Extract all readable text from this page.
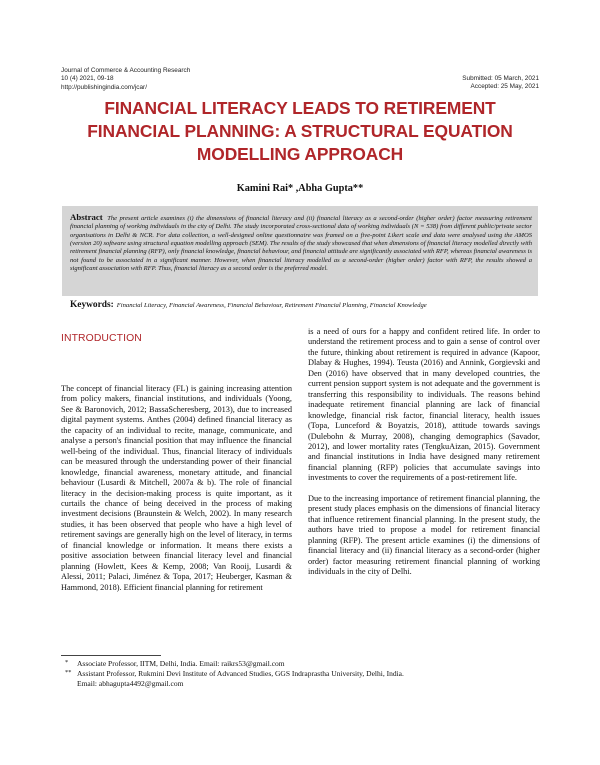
Journal of Commerce & Accounting Research
10 (4) 2021, 09-18
http://publishingindia.com/jcar/
Submitted: 05 March, 2021
Accepted: 25 May, 2021
FINANCIAL LITERACY LEADS TO RETIREMENT
FINANCIAL PLANNING: A STRUCTURAL EQUATION
MODELLING APPROACH
Kamini Rai* ,Abha Gupta**

Abstract The present article examines (i) the dimensions of financial literacy and (ii) financial literacy as a second-order (higher order) factor measuring retirement financial planning of working individuals in the city of Delhi. The study incorporated cross-sectional data of working individuals (N = 538) from different public/private sector organisations in Delhi & NCR. For data collection, a well-designed online questionnaire was framed on a five-point Likert scale and data were analysed using the AMOS (version 20) software using structural equation modelling approach (SEM). The results of the study showcased that when dimensions of financial literacy modelled directly with retirement financial planning (RFP), only financial knowledge, financial behaviour, and financial attitude are significantly associated with RFP, whereas financial awareness is not found to be associated in a significant manner. However, when financial literacy modelled as a second-order (higher order) factor with RFP, the results showed a significant association with RFP. Thus, financial literacy as a second order is the preferred model.

Keywords: Financial Literacy, Financial Awareness, Financial Behaviour, Retirement Financial Planning, Financial Knowledge

INTRODUCTION

The concept of financial literacy (FL) is gaining increasing attention from policy makers, financial institutions, and individuals (Yoong, See & Baronovich, 2012; BassaScheresberg, 2013), due to increased digital payment systems. Anthes (2004) defined financial literacy as the capacity of an individual to recite, manage, communicate, and analyse a person's financial position that may influence the financial well-being of the individual. Thus, financial literacy of individuals can be measured through the understanding power of their financial knowledge, financial awareness, monetary attitude, and financial behaviour (Lusardi & Mitchell, 2007a & b). The role of financial literacy in the decision-making process is quite important, as it curtails the chance of being deceived in the process of making investment decisions (Braunstein & Welch, 2002). In many research studies, it has been observed that people who have a high level of retirement savings are generally high on the level of literacy, in terms of financial knowledge or information. It means there exists a positive association between financial literacy level and financial planning (Howlett, Kees & Kemp, 2008; Van Rooij, Lusardi & Alessi, 2011; Palaci, Jiménez & Topa, 2017; Heuberger, Kasman & Hammond, 2018). Efficient financial planning for retirement

is a need of ours for a happy and confident retired life. In order to understand the retirement process and to gain a sense of control over the future, thinking about retirement is required in advance (Kapoor, Dlabay & Hughes, 1994). Teusta (2016) and Annink, Gorgievski and Den (2016) have observed that in many developed countries, the current pension support system is not adequate and the government is transferring this responsibility to individuals. The reasons behind inadequate retirement financial planning are lack of financial knowledge, financial risk factor, financial literacy, health issues (Topa, Lunceford & Boyatzis, 2018), attitude towards savings (Dulebohn & Murray, 2008), changing demographics (Savador, 2012), and lower mortality rates (TengkuAizan, 2015). Government and financial institutions in India have designed many retirement financial planning (RFP) policies that accumulate savings into investments to cover the requirements of a post-retirement life.

Due to the increasing importance of retirement financial planning, the present study places emphasis on the dimensions of financial literacy that influence retirement financial planning. In the present study, the authors have tried to propose a model for retirement financial planning (RFP). The present article examines (i) the dimensions of financial literacy and (ii) financial literacy as a second-order (higher order) factor measuring retirement financial planning of working individuals in the city of Delhi.

* Associate Professor, IITM, Delhi, India. Email: raikrs53@gmail.com
** Assistant Professor, Rukmini Devi Institute of Advanced Studies, GGS Indraprastha University, Delhi, India.
Email: abhagupta4492@gmail.com
